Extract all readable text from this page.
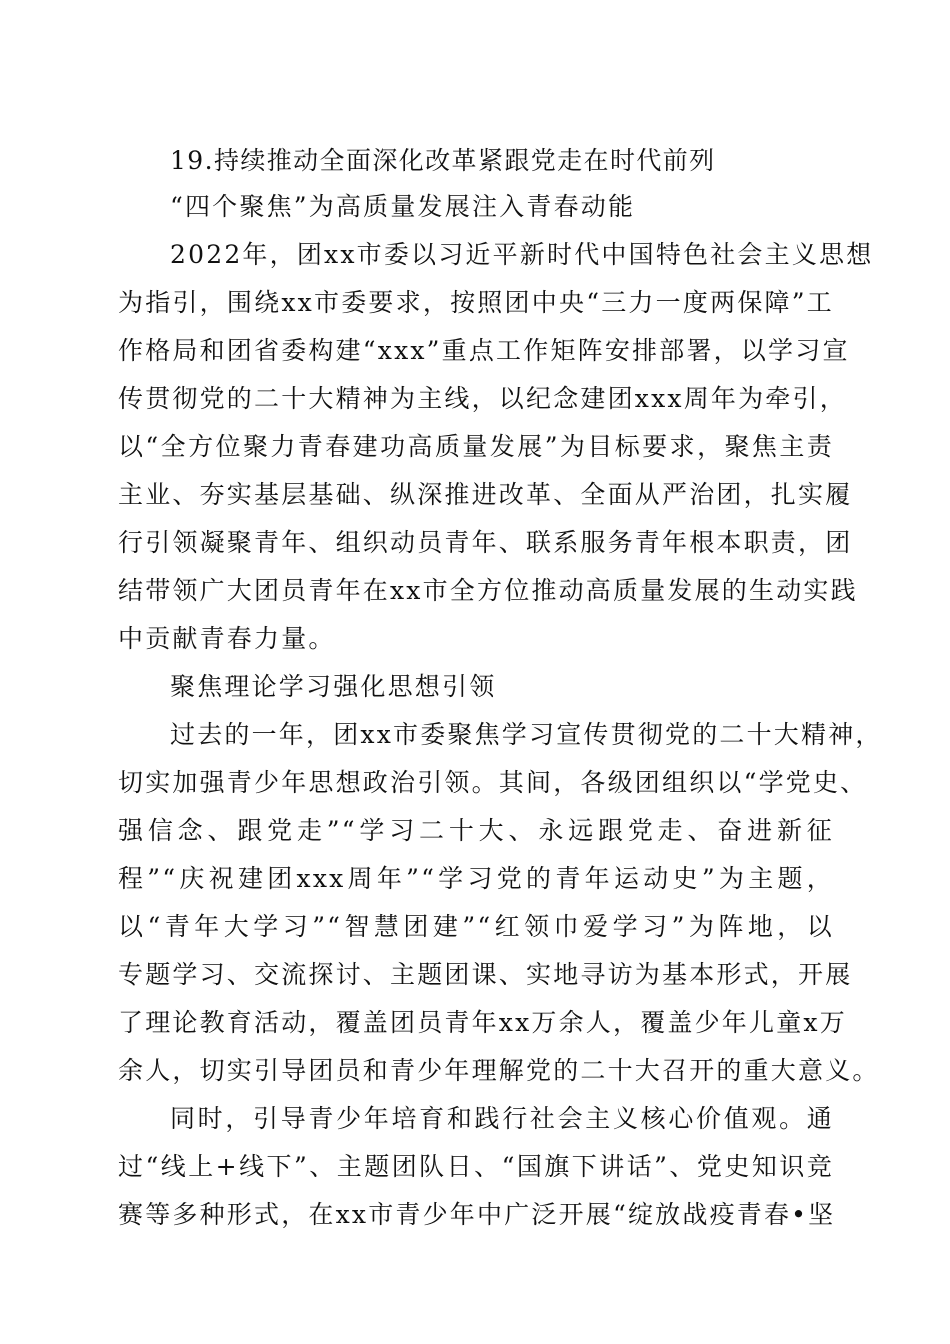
19.持续推动全面深化改革紧跟党走在时代前列
“四个聚焦”为高质量发展注入青春动能
2022年，团xx市委以习近平新时代中国特色社会主义思想
为指引，围绕xx市委要求，按照团中央“三力一度两保障”工
作格局和团省委构建“xxx”重点工作矩阵安排部署，以学习宣
传贯彻党的二十大精神为主线，以纪念建团xxx周年为牵引，
以“全方位聚力青春建功高质量发展”为目标要求，聚焦主责
主业、夯实基层基础、纵深推进改革、全面从严治团，扎实履
行引领凝聚青年、组织动员青年、联系服务青年根本职责，团
结带领广大团员青年在xx市全方位推动高质量发展的生动实践
中贡献青春力量。
聚焦理论学习强化思想引领
过去的一年，团xx市委聚焦学习宣传贯彻党的二十大精神，
切实加强青少年思想政治引领。其间，各级团组织以“学党史、
强信念、跟党走”“学习二十大、永远跟党走、奋进新征
程”“庆祝建团xxx周年”“学习党的青年运动史”为主题，
以“青年大学习”“智慧团建”“红领巾爱学习”为阵地，以
专题学习、交流探讨、主题团课、实地寻访为基本形式，开展
了理论教育活动，覆盖团员青年xx万余人，覆盖少年儿童x万
余人，切实引导团员和青少年理解党的二十大召开的重大意义。
同时，引导青少年培育和践行社会主义核心价值观。通
过“线上+线下”、主题团队日、“国旗下讲话”、党史知识竞
赛等多种形式，在xx市青少年中广泛开展“绽放战疫青春•坚
